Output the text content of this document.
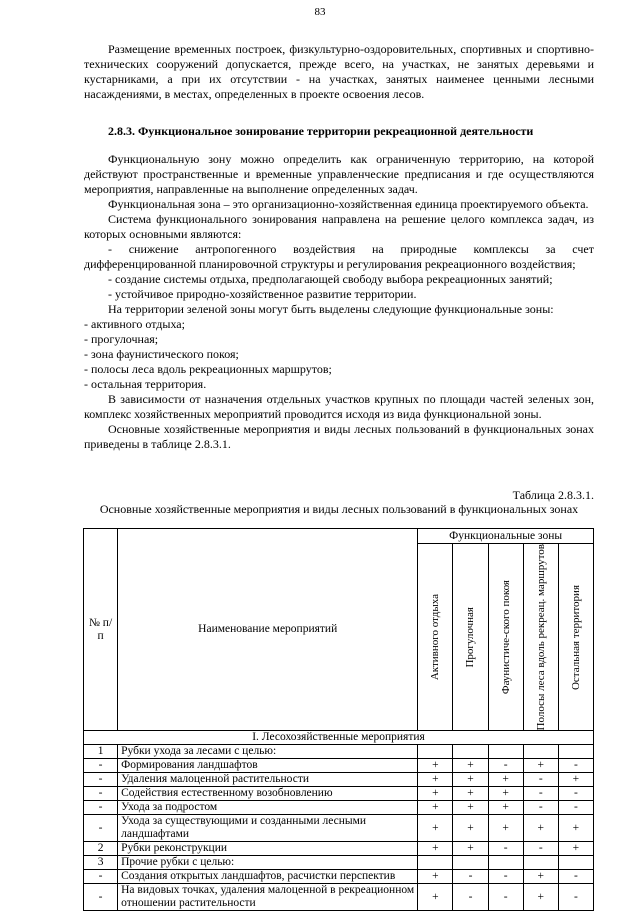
83

Размещение временных построек, физкультурно-оздоровительных, спортивных и спортивно-технических сооружений допускается, прежде всего, на участках, не занятых деревьями и кустарниками, а при их отсутствии - на участках, занятых наименее ценными лесными насаждениями, в местах, определенных в проекте освоения лесов.

2.8.3. Функциональное зонирование территории рекреационной деятельности

Функциональную зону можно определить как ограниченную территорию, на которой действуют пространственные и временные управленческие предписания и где осуществляются мероприятия, направленные на выполнение определенных задач.

Функциональная зона – это организационно-хозяйственная единица проектируемого объекта.

Система функционального зонирования направлена на решение целого комплекса задач, из которых основными являются:

- снижение антропогенного воздействия на природные комплексы за счет дифференцированной планировочной структуры и регулирования рекреационного воздействия;

- создание системы отдыха, предполагающей свободу выбора рекреационных занятий;

- устойчивое природно-хозяйственное развитие территории.

На территории зеленой зоны могут быть выделены следующие функциональные зоны:

- активного отдыха;

- прогулочная;

- зона фаунистического покоя;

- полосы леса вдоль рекреационных маршрутов;

- остальная территория.

В зависимости от назначения отдельных участков крупных по площади частей зеленых зон, комплекс хозяйственных мероприятий проводится исходя из вида функциональной зоны.

Основные хозяйственные мероприятия и виды лесных пользований в функциональных зонах приведены в таблице 2.8.3.1.

Таблица 2.8.3.1.
Основные хозяйственные мероприятия и виды лесных пользований в функциональных зонах
№ п/п	Наименование мероприятий	Функциональные зоны				

		Активного отдыха	Прогулочная	Фаунистиче-ского покоя	Полосы леса вдоль рекреац. маршрутов	Остальная территория

I. Лесохозяйственные мероприятия						
1	Рубки ухода за лесами с целью:					
-	Формирования ландшафтов	+	+	-	+	-
-	Удаления малоценной растительности	+	+	+	-	+
-	Содействия естественному возобновлению	+	+	+	-	-
-	Ухода за подростом	+	+	+	-	-
-	Ухода за существующими и созданными лесными ландшафтами	+	+	+	+	+
2	Рубки реконструкции	+	+	-	-	+
3	Прочие рубки с целью:					
-	Создания открытых ландшафтов, расчистки перспектив	+	-	-	+	-
-	На видовых точках, удаления малоценной в рекреационном отношении растительности	+	-	-	+	-
